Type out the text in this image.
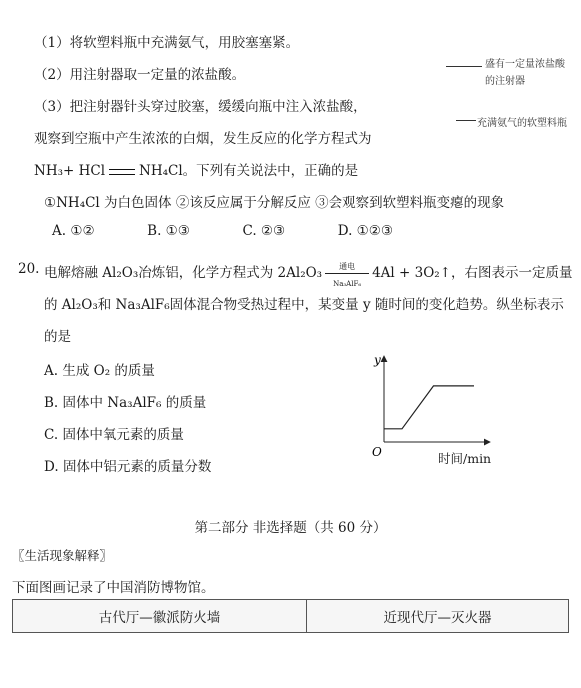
（1）将软塑料瓶中充满氨气，用胶塞塞紧。
（2）用注射器取一定量的浓盐酸。
（3）把注射器针头穿过胶塞，缓缓向瓶中注入浓盐酸，
观察到空瓶中产生浓浓的白烟，发生反应的化学方程式为
NH₃+ HCl	NH₄Cl。下列有关说法中，正确的是
①NH₄Cl 为白色固体 ②该反应属于分解反应 ③会观察到软塑料瓶变瘪的现象
A. ①②	B. ①③	C. ②③	D. ①②③
盛有一定量浓盐酸
的注射器
充满氨气的软塑料瓶
20. 电解熔融 Al₂O₃冶炼铝，化学方程式为 2Al₂O₃	通电
Na₃AlF₆
4Al + 3O₂↑，右图表示一定质量
的 Al₂O₃和 Na₃AlF₆固体混合物受热过程中，某变量 y 随时间的变化趋势。纵坐标表示
的是
A. 生成 O₂ 的质量
B. 固体中 Na₃AlF₆ 的质量
C. 固体中氧元素的质量
D. 固体中铝元素的质量分数
y
O	时间/min
第二部分 非选择题（共 60 分）
〖生活现象解释〗
下面图画记录了中国消防博物馆。
古代厅—徽派防火墙	近现代厅—灭火器
